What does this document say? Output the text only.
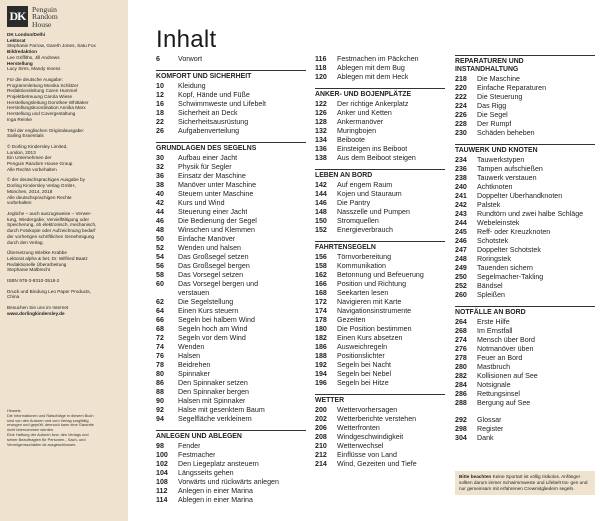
DK Penguin
Random
House
DK London/Delhi
Lektorat
Stephanie Farrow, Gareth Jones, Satu Fox
Bildredaktion
Lee Griffiths, Jill Andrews
Herstellung
Lucy Sims, Mandy Inness
Für die deutsche Ausgabe:
Programmleitung Monika Schlitzer
Redaktionsleitung Caren Hummel
Projektbetreuung Carola Wiese
Herstellungsleitung Dorothee Whittaker
Herstellungskoordination Annika Marx
Herstellung und Covergestaltung
Inga Reinke
Titel der englischen Originalausgabe:
Sailing Essentials
© Dorling Kindersley Limited,
London, 2013
Ein Unternehmen der
Penguin Random House Group
Alle Rechte vorbehalten
© der deutschsprachigen Ausgabe by
Dorling Kindersley Verlag GmbH,
München, 2014, 2018
Alle deutschsprachigen Rechte
vorbehalten
Jegliche – auch auszugsweise – Verwer-
tung, Wiedergabe, Vervielfältigung oder
Speicherung, ob elektronisch, mechanisch,
durch Fotokopie oder Aufzeichnung bedarf
der vorherigen schriftlichen Genehmigung
durch den Verlag.
Übersetzung Wiebke Krabbe
Lektorat alpha & bet, Dr. Wilfried Baatz
Redaktionelle Überarbeitung
Stephanie Malbrecht
ISBN 978-3-8310-3518-2
Druck und Bindung Leo Paper Products,
China
Besuchen Sie uns im Internet
www.dorlingkindersley.de
Hinweis
Die Informationen und Ratschläge in diesem Buch
sind von den Autoren und vom Verlag sorgfältig
erwogen und geprüft, dennoch kann eine Garantie
nicht übernommen werden.
Eine Haftung der Autoren bzw. des Verlags und
seiner Beauftragten für Personen-, Sach- und
Vermögensschäden ist ausgeschlossen.
Inhalt
6	Vorwort
KOMFORT UND SICHERHEIT
10	Kleidung
12	Kopf, Hände und Füße
16	Schwimmweste und Lifebelt
18	Sicherheit an Deck
22	Sicherheitsausrüstung
26	Aufgabenverteilung
GRUNDLAGEN DES SEGELNS
30	Aufbau einer Jacht
32	Physik für Segler
36	Einsatz der Maschine
38	Manöver unter Maschine
40	Steuern unter Maschine
42	Kurs und Wind
44	Steuerung einer Jacht
46	Die Bedienung der Segel
48	Winschen und Klemmen
50	Einfache Manöver
52	Wenden und halsen
54	Das Großsegel setzen
56	Das Großsegel bergen
58	Das Vorsegel setzen
60	Das Vorsegel bergen und
verstauen
62	Die Segelstellung
64	Einen Kurs steuern
66	Segeln bei halbem Wind
68	Segeln hoch am Wind
72	Segeln vor dem Wind
74	Wenden
76	Halsen
78	Beidrehen
80	Spinnaker
86	Den Spinnaker setzen
88	Den Spinnaker bergen
90	Halsen mit Spinnaker
92	Halse mit gesenktem Baum
94	Segelfläche verkleinern
ANLEGEN UND ABLEGEN
98	Fender
100	Festmacher
102	Den Liegeplatz ansteuern
104	Längsseits gehen
108	Vorwärts und rückwärts anlegen
112	Anlegen in einer Marina
114	Ablegen in einer Marina
116	Festmachen im Päckchen
118	Ablegen mit dem Bug
120	Ablegen mit dem Heck
ANKER- UND BOJENPLÄTZE
122	Der richtige Ankerplatz
126	Anker und Ketten
128	Ankermanöver
132	Muringbojen
134	Beiboote
136	Einsteigen ins Beiboot
138	Aus dem Beiboot steigen
LEBEN AN BORD
142	Auf engem Raum
144	Kojen und Stauraum
146	Die Pantry
148	Nasszelle und Pumpen
150	Stromquellen
152	Energieverbrauch
FAHRTENSEGELN
156	Törnvorbereitung
158	Kommunikation
162	Betonnung und Befeuerung
166	Position und Richtung
168	Seekarten lesen
172	Navigieren mit Karte
174	Navigationsinstrumente
178	Gezeiten
180	Die Position bestimmen
182	Einen Kurs absetzen
186	Ausweichregeln
188	Positionslichter
192	Segeln bei Nacht
194	Segeln bei Nebel
196	Segeln bei Hitze
WETTER
200	Wettervorhersagen
202	Wetterberichte verstehen
206	Wetterfronten
208	Windgeschwindigkeit
210	Wetterwechsel
212	Einflüsse von Land
214	Wind, Gezeiten und Tiefe
REPARATUREN UND
INSTANDHALTUNG
218	Die Maschine
220	Einfache Reparaturen
222	Die Steuerung
224	Das Rigg
226	Die Segel
228	Der Rumpf
230	Schäden beheben
TAUWERK UND KNOTEN
234	Tauwerkstypen
236	Tampen aufschießen
238	Tauwerk verstauen
240	Achtknoten
241	Doppelter Überhandknoten
242	Palstek
243	Rundtörn und zwei halbe Schläge
244	Webeleinstek
245	Reff- oder Kreuzknoten
246	Schotstek
247	Doppelter Schotstek
248	Roringstek
249	Tauenden sichern
250	Segelmacher-Takling
252	Bändsel
260	Spleißen
NOTFÄLLE AN BORD
264	Erste Hilfe
268	Im Ernstfall
274	Mensch über Bord
276	Notmanöver üben
278	Feuer an Bord
280	Mastbruch
282	Kollisionen auf See
284	Notsignale
286	Rettungsinsel
288	Bergung auf See
292	Glossar
298	Register
304	Dank
Bitte beachten Keine Sportart ist völlig risikolos. Anfänger sollten darum immer Schwimmweste und Lifebelt tra- gen und nur gemeinsam mit erfahrenen Crewmitgliedern segeln.
